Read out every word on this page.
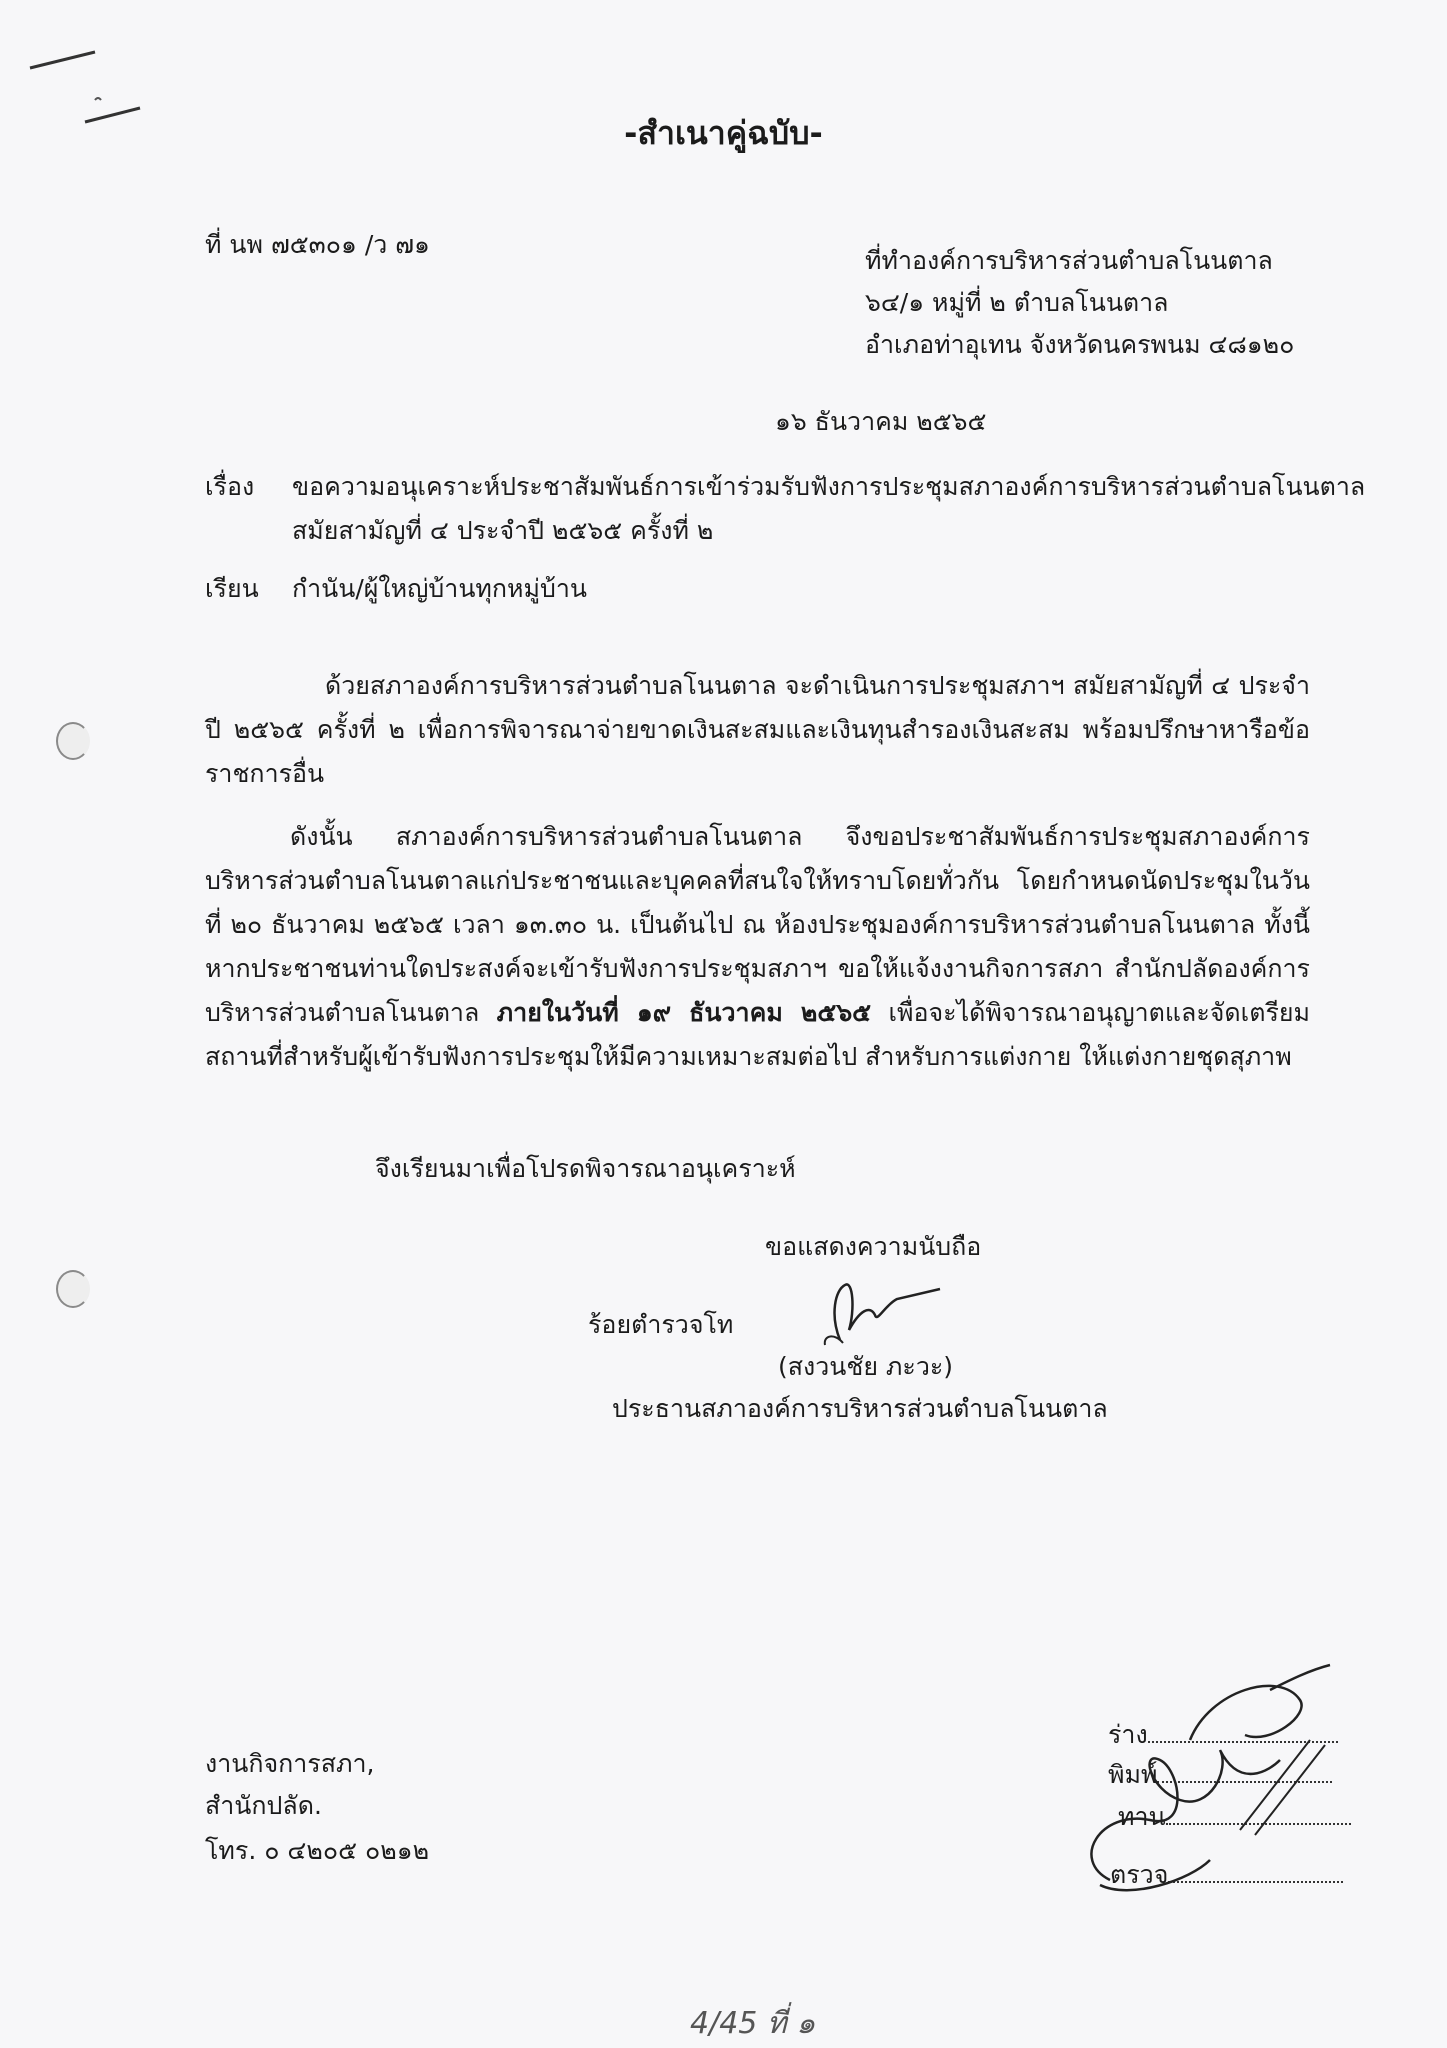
-สำเนาคู่ฉบับ-
ที่ นพ ๗๕๓๐๑ /ว ๗๑
ที่ทำองค์การบริหารส่วนตำบลโนนตาล
๖๔/๑ หมู่ที่ ๒ ตำบลโนนตาล
อำเภอท่าอุเทน จังหวัดนครพนม ๔๘๑๒๐
๑๖ ธันวาคม ๒๕๖๕
เรื่อง ขอความอนุเคราะห์ประชาสัมพันธ์การเข้าร่วมรับฟังการประชุมสภาองค์การบริหารส่วนตำบลโนนตาล
สมัยสามัญที่ ๔ ประจำปี ๒๕๖๕ ครั้งที่ ๒
เรียน กำนัน/ผู้ใหญ่บ้านทุกหมู่บ้าน

ด้วยสภาองค์การบริหารส่วนตำบลโนนตาล จะดำเนินการประชุมสภาฯ สมัยสามัญที่ ๔ ประจำปี ๒๕๖๕ ครั้งที่ ๒ เพื่อการพิจารณาจ่ายขาดเงินสะสมและเงินทุนสำรองเงินสะสม พร้อมปรึกษาหารือข้อราชการอื่น

ดังนั้น สภาองค์การบริหารส่วนตำบลโนนตาล จึงขอประชาสัมพันธ์การประชุมสภาองค์การบริหารส่วนตำบลโนนตาลแก่ประชาชนและบุคคลที่สนใจให้ทราบโดยทั่วกัน โดยกำหนดนัดประชุมในวันที่ ๒๐ ธันวาคม ๒๕๖๕ เวลา ๑๓.๓๐ น. เป็นต้นไป ณ ห้องประชุมองค์การบริหารส่วนตำบลโนนตาล ทั้งนี้ หากประชาชนท่านใดประสงค์จะเข้ารับฟังการประชุมสภาฯ ขอให้แจ้งงานกิจการสภา สำนักปลัดองค์การบริหารส่วนตำบลโนนตาล ภายในวันที่ ๑๙ ธันวาคม ๒๕๖๕ เพื่อจะได้พิจารณาอนุญาตและจัดเตรียมสถานที่สำหรับผู้เข้ารับฟังการประชุมให้มีความเหมาะสมต่อไป สำหรับการแต่งกาย ให้แต่งกายชุดสุภาพ

จึงเรียนมาเพื่อโปรดพิจารณาอนุเคราะห์
ขอแสดงความนับถือ
ร้อยตำรวจโท
(สงวนชัย ภะวะ)
ประธานสภาองค์การบริหารส่วนตำบลโนนตาล
งานกิจการสภา,
สำนักปลัด.
โทร. ๐ ๔๒๐๕ ๐๒๑๒
ร่าง
พิมพ์
ทาน
ตรวจ
4/45 ที่ ๑
